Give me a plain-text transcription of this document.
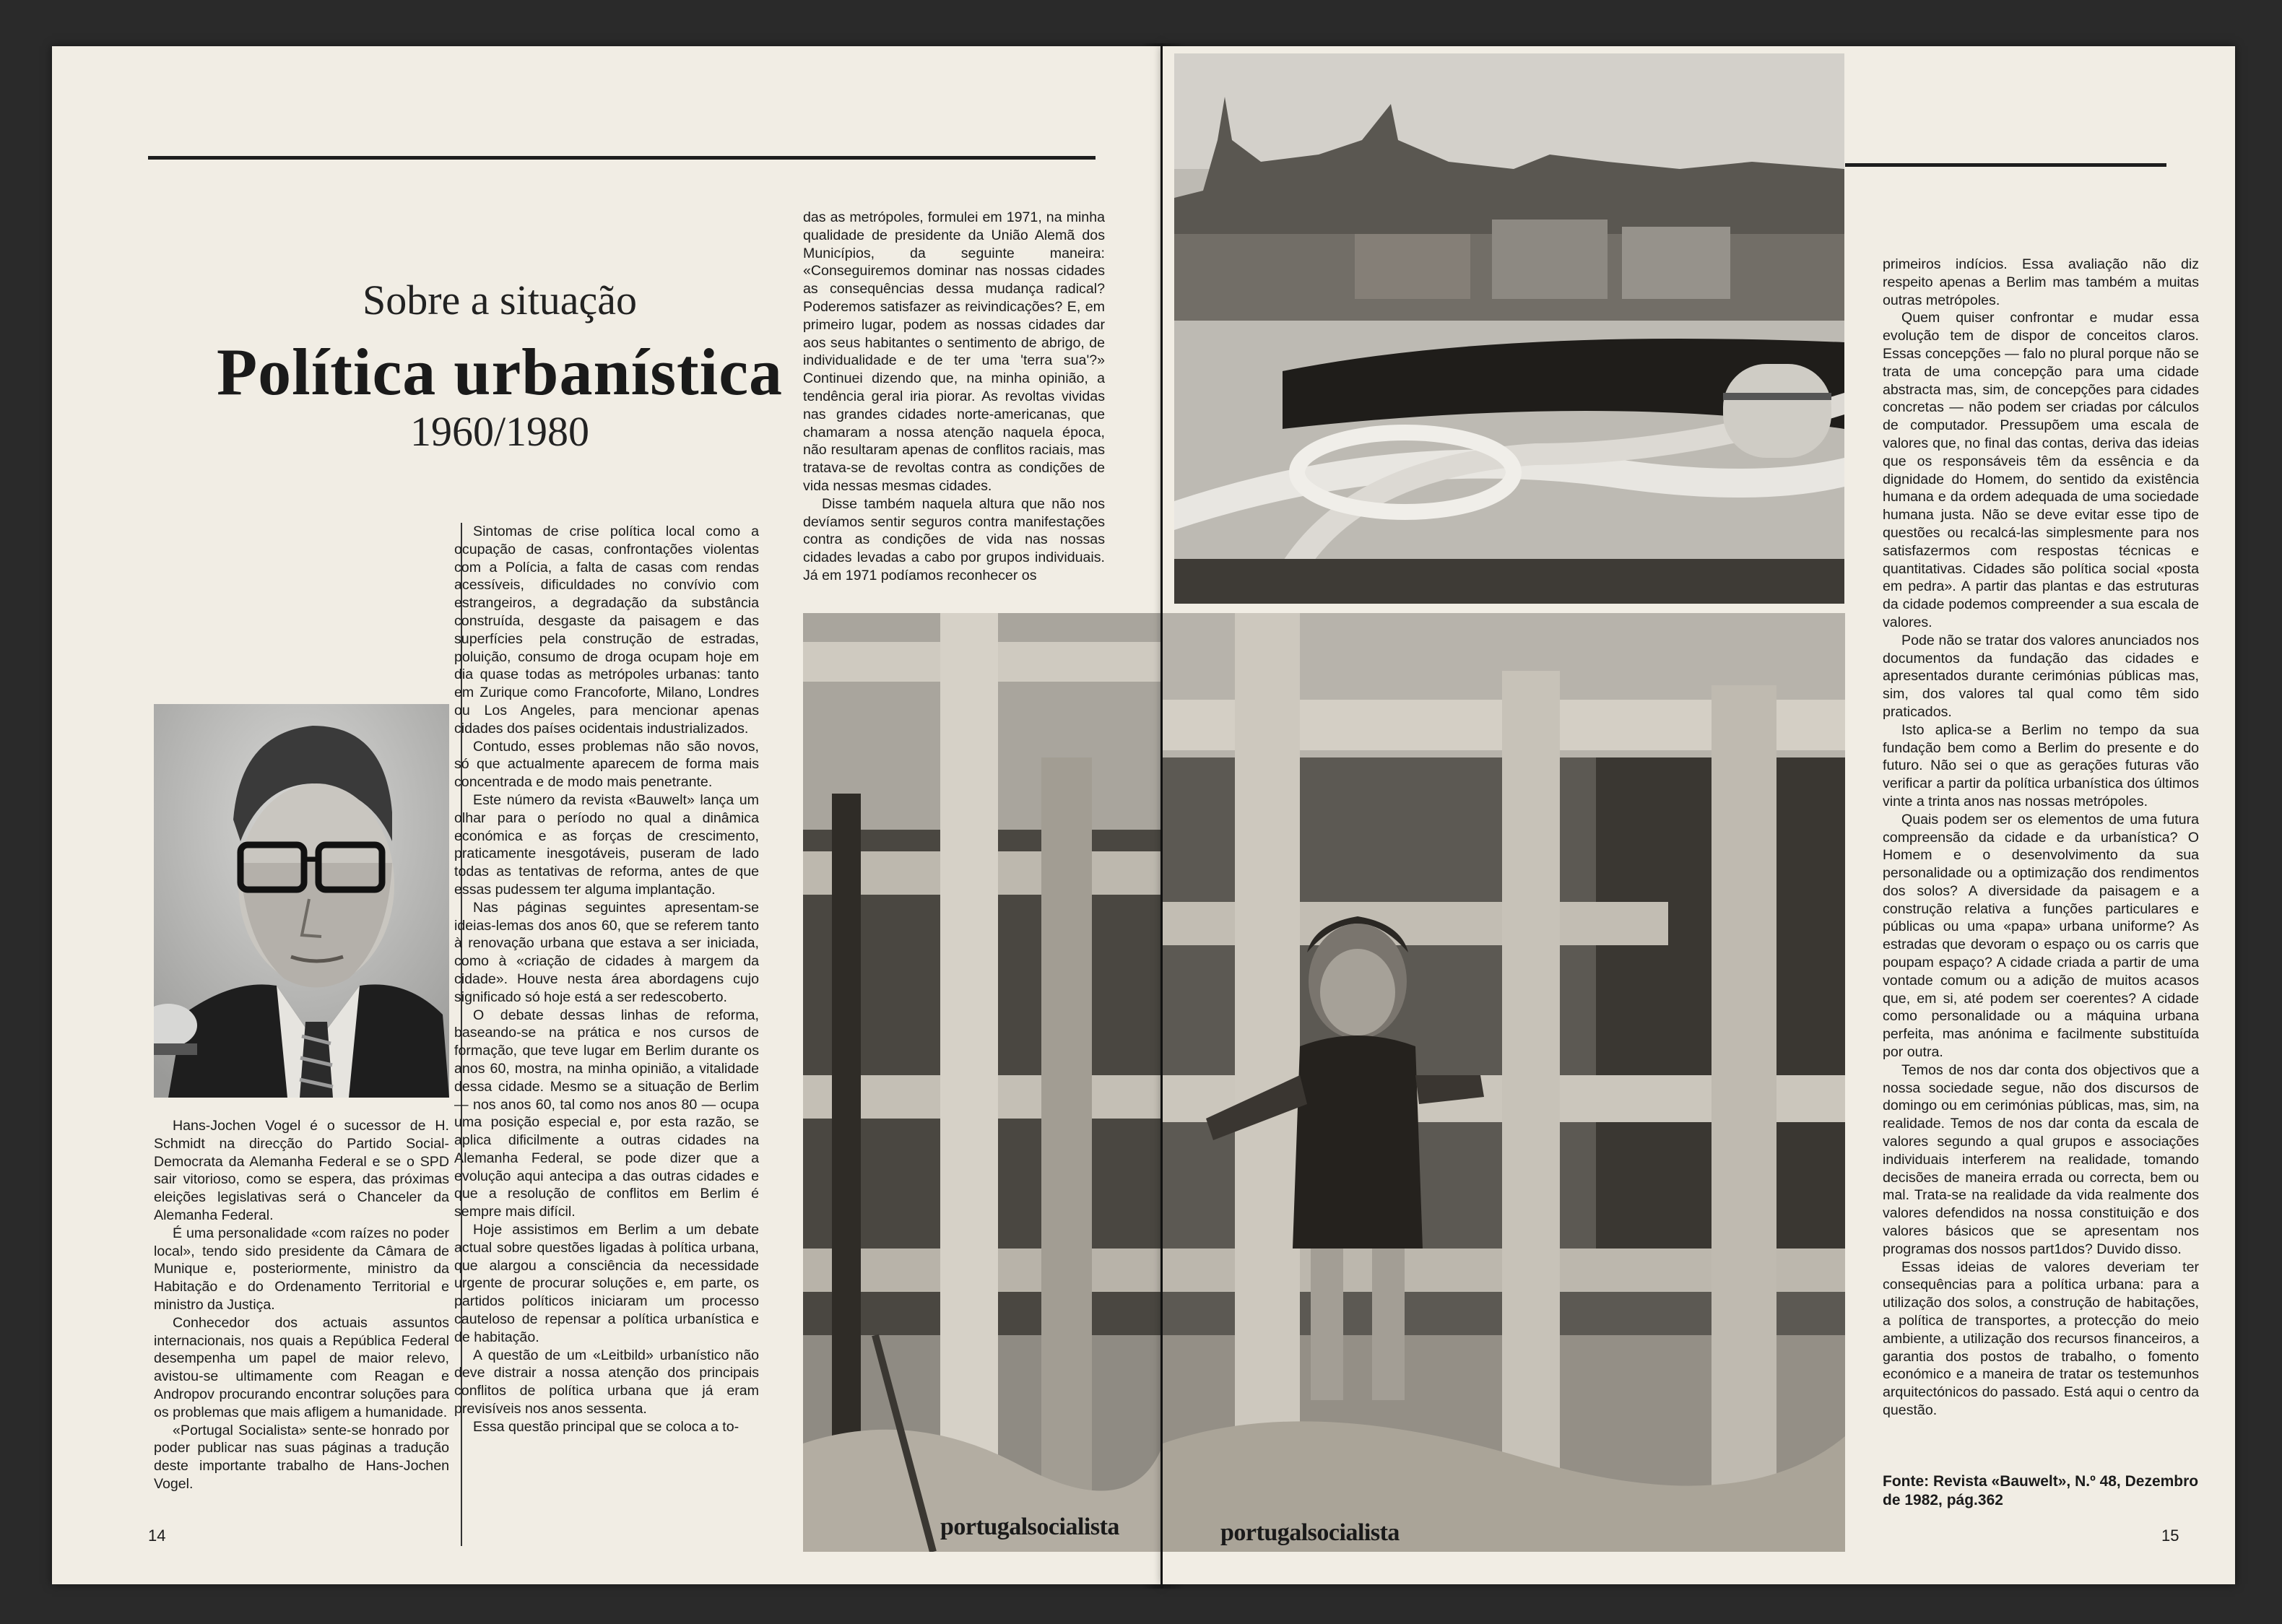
Sobre a situação
Política urbanística
1960/1980

Hans-Jochen Vogel é o sucessor de H. Schmidt na direcção do Partido Social-Democrata da Alemanha Federal e se o SPD sair vitorioso, como se espera, das próximas eleições legislativas será o Chanceler da Alemanha Federal.

É uma personalidade «com raízes no poder local», tendo sido presidente da Câmara de Munique e, posteriormente, ministro da Habitação e do Ordenamento Territorial e ministro da Justiça.

Conhecedor dos actuais assuntos internacionais, nos quais a República Federal desempenha um papel de maior relevo, avistou-se ultimamente com Reagan e Andropov procurando encontrar soluções para os problemas que mais afligem a humanidade.

«Portugal Socialista» sente-se honrado por poder publicar nas suas páginas a tradução deste importante trabalho de Hans-Jochen Vogel.

Sintomas de crise política local como a ocupação de casas, confrontações violentas com a Polícia, a falta de casas com rendas acessíveis, dificuldades no convívio com estrangeiros, a degradação da substância construída, desgaste da paisagem e das superfícies pela construção de estradas, poluição, consumo de droga ocupam hoje em dia quase todas as metrópoles urbanas: tanto em Zurique como Francoforte, Milano, Londres ou Los Angeles, para mencionar apenas cidades dos países ocidentais industrializados.

Contudo, esses problemas não são novos, só que actualmente aparecem de forma mais concentrada e de modo mais penetrante.

Este número da revista «Bauwelt» lança um olhar para o período no qual a dinâmica económica e as forças de crescimento, praticamente inesgotáveis, puseram de lado todas as tentativas de reforma, antes de que essas pudessem ter alguma implantação.

Nas páginas seguintes apresentam-se ideias-lemas dos anos 60, que se referem tanto à renovação urbana que estava a ser iniciada, como à «criação de cidades à margem da cidade». Houve nesta área abordagens cujo significado só hoje está a ser redescoberto.

O debate dessas linhas de reforma, baseando-se na prática e nos cursos de formação, que teve lugar em Berlim durante os anos 60, mostra, na minha opinião, a vitalidade dessa cidade. Mesmo se a situação de Berlim — nos anos 60, tal como nos anos 80 — ocupa uma posição especial e, por esta razão, se aplica dificilmente a outras cidades na Alemanha Federal, se pode dizer que a evolução aqui antecipa a das outras cidades e que a resolução de conflitos em Berlim é sempre mais difícil.

Hoje assistimos em Berlim a um debate actual sobre questões ligadas à política urbana, que alargou a consciência da necessidade urgente de procurar soluções e, em parte, os partidos políticos iniciaram um processo cauteloso de repensar a política urbanística e de habitação.

A questão de um «Leitbild» urbanístico não deve distrair a nossa atenção dos principais conflitos de política urbana que já eram previsíveis nos anos sessenta.

Essa questão principal que se coloca a to-

das as metrópoles, formulei em 1971, na minha qualidade de presidente da União Alemã dos Municípios, da seguinte maneira: «Conseguiremos dominar nas nossas cidades as consequências dessa mudança radical? Poderemos satisfazer as reivindicações? E, em primeiro lugar, podem as nossas cidades dar aos seus habitantes o sentimento de abrigo, de individualidade e de ter uma 'terra sua'?» Continuei dizendo que, na minha opinião, a tendência geral iria piorar. As revoltas vividas nas grandes cidades norte-americanas, que chamaram a nossa atenção naquela época, não resultaram apenas de conflitos raciais, mas tratava-se de revoltas contra as condições de vida nessas mesmas cidades.

Disse também naquela altura que não nos devíamos sentir seguros contra manifestações contra as condições de vida nas nossas cidades levadas a cabo por grupos individuais. Já em 1971 podíamos reconhecer os

14	portugalsocialista

primeiros indícios. Essa avaliação não diz respeito apenas a Berlim mas também a muitas outras metrópoles.

Quem quiser confrontar e mudar essa evolução tem de dispor de conceitos claros. Essas concepções — falo no plural porque não se trata de uma concepção para uma cidade abstracta mas, sim, de concepções para cidades concretas — não podem ser criadas por cálculos de computador. Pressupõem uma escala de valores que, no final das contas, deriva das ideias que os responsáveis têm da essência e da dignidade do Homem, do sentido da existência humana e da ordem adequada de uma sociedade humana justa. Não se deve evitar esse tipo de questões ou recalcá-las simplesmente para nos satisfazermos com respostas técnicas e quantitativas. Cidades são política social «posta em pedra». A partir das plantas e das estruturas da cidade podemos compreender a sua escala de valores.

Pode não se tratar dos valores anunciados nos documentos da fundação das cidades e apresentados durante cerimónias públicas mas, sim, dos valores tal qual como têm sido praticados.

Isto aplica-se a Berlim no tempo da sua fundação bem como a Berlim do presente e do futuro. Não sei o que as gerações futuras vão verificar a partir da política urbanística dos últimos vinte a trinta anos nas nossas metrópoles.

Quais podem ser os elementos de uma futura compreensão da cidade e da urbanística? O Homem e o desenvolvimento da sua personalidade ou a optimização dos rendimentos dos solos? A diversidade da paisagem e a construção relativa a funções particulares e públicas ou uma «papa» urbana uniforme? As estradas que devoram o espaço ou os carris que poupam espaço? A cidade criada a partir de uma vontade comum ou a adição de muitos acasos que, em si, até podem ser coerentes? A cidade como personalidade ou a máquina urbana perfeita, mas anónima e facilmente substituída por outra.

Temos de nos dar conta dos objectivos que a nossa sociedade segue, não dos discursos de domingo ou em cerimónias públicas, mas, sim, na realidade. Temos de nos dar conta da escala de valores segundo a qual grupos e associações individuais interferem na realidade, tomando decisões de maneira errada ou correcta, bem ou mal. Trata-se na realidade da vida realmente dos valores defendidos na nossa constituição e dos valores básicos que se apresentam nos programas dos nossos part1dos? Duvido disso.

Essas ideias de valores deveriam ter consequências para a política urbana: para a utilização dos solos, a construção de habitações, a política de transportes, a protecção do meio ambiente, a utilização dos recursos financeiros, a garantia dos postos de trabalho, o fomento económico e a maneira de tratar os testemunhos arquitectónicos do passado. Está aqui o centro da questão.

Fonte: Revista «Bauwelt», N.º 48, Dezembro de 1982, pág.362
portugalsocialista	15
